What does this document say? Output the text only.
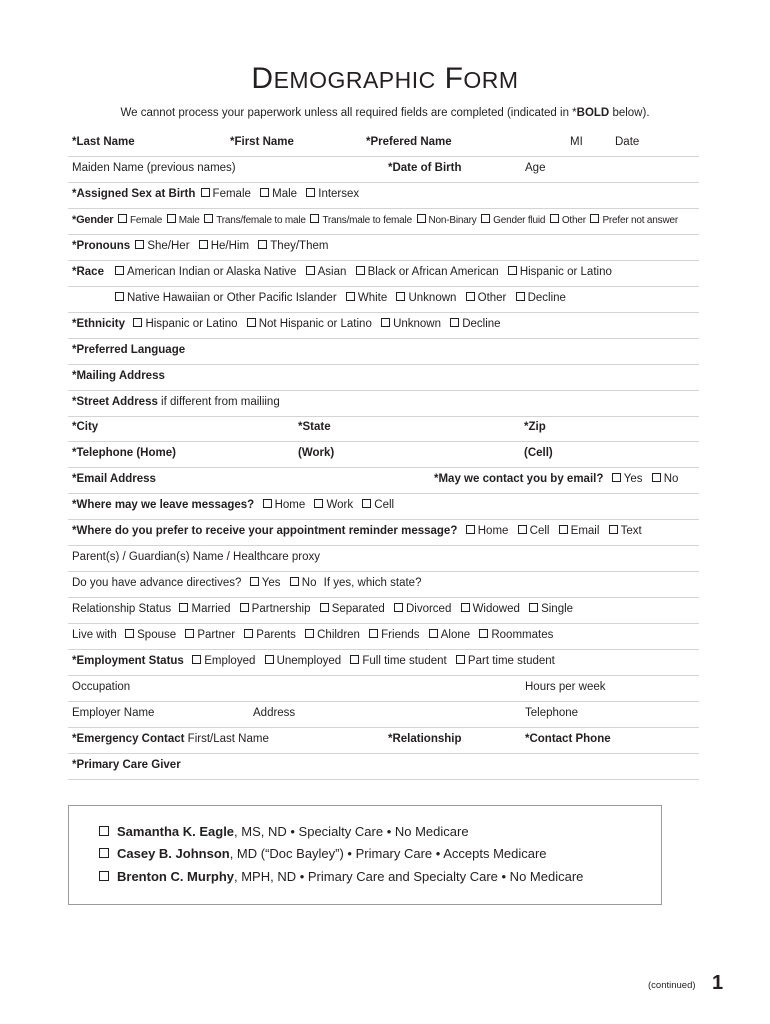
DEMOGRAPHIC FORM
We cannot process your paperwork unless all required fields are completed (indicated in *BOLD below).
*Last Name	*First Name	*Prefered Name	MI	Date
Maiden Name (previous names)	*Date of Birth	Age
*Assigned Sex at Birth Female Male Intersex
*Gender Female Male Trans/female to male Trans/male to female Non-Binary Gender fluid Other Prefer not answer
*Pronouns She/Her He/Him They/Them
*Race	American Indian or Alaska Native Asian Black or African American Hispanic or Latino
Native Hawaiian or Other Pacific Islander White Unknown Other Decline
*Ethnicity Hispanic or Latino Not Hispanic or Latino Unknown Decline
*Preferred Language
*Mailing Address
*Street Address if different from mailiing
*City	*State	*Zip
*Telephone (Home)	(Work)	(Cell)
*Email Address	*May we contact you by email? Yes No
*Where may we leave messages? Home Work Cell
*Where do you prefer to receive your appointment reminder message? Home Cell Email Text
Parent(s) / Guardian(s) Name / Healthcare proxy
Do you have advance directives? Yes No If yes, which state?
Relationship Status Married Partnership Separated Divorced Widowed Single
Live with Spouse Partner Parents Children Friends Alone Roommates
*Employment Status Employed Unemployed Full time student Part time student
Occupation	Hours per week
Employer Name	Address	Telephone
*Emergency Contact First/Last Name	*Relationship	*Contact Phone
*Primary Care Giver
Samantha K. Eagle, MS, ND • Specialty Care • No Medicare
Casey B. Johnson, MD (“Doc Bayley”) • Primary Care • Accepts Medicare
Brenton C. Murphy, MPH, ND • Primary Care and Specialty Care • No Medicare
(continued) 1
